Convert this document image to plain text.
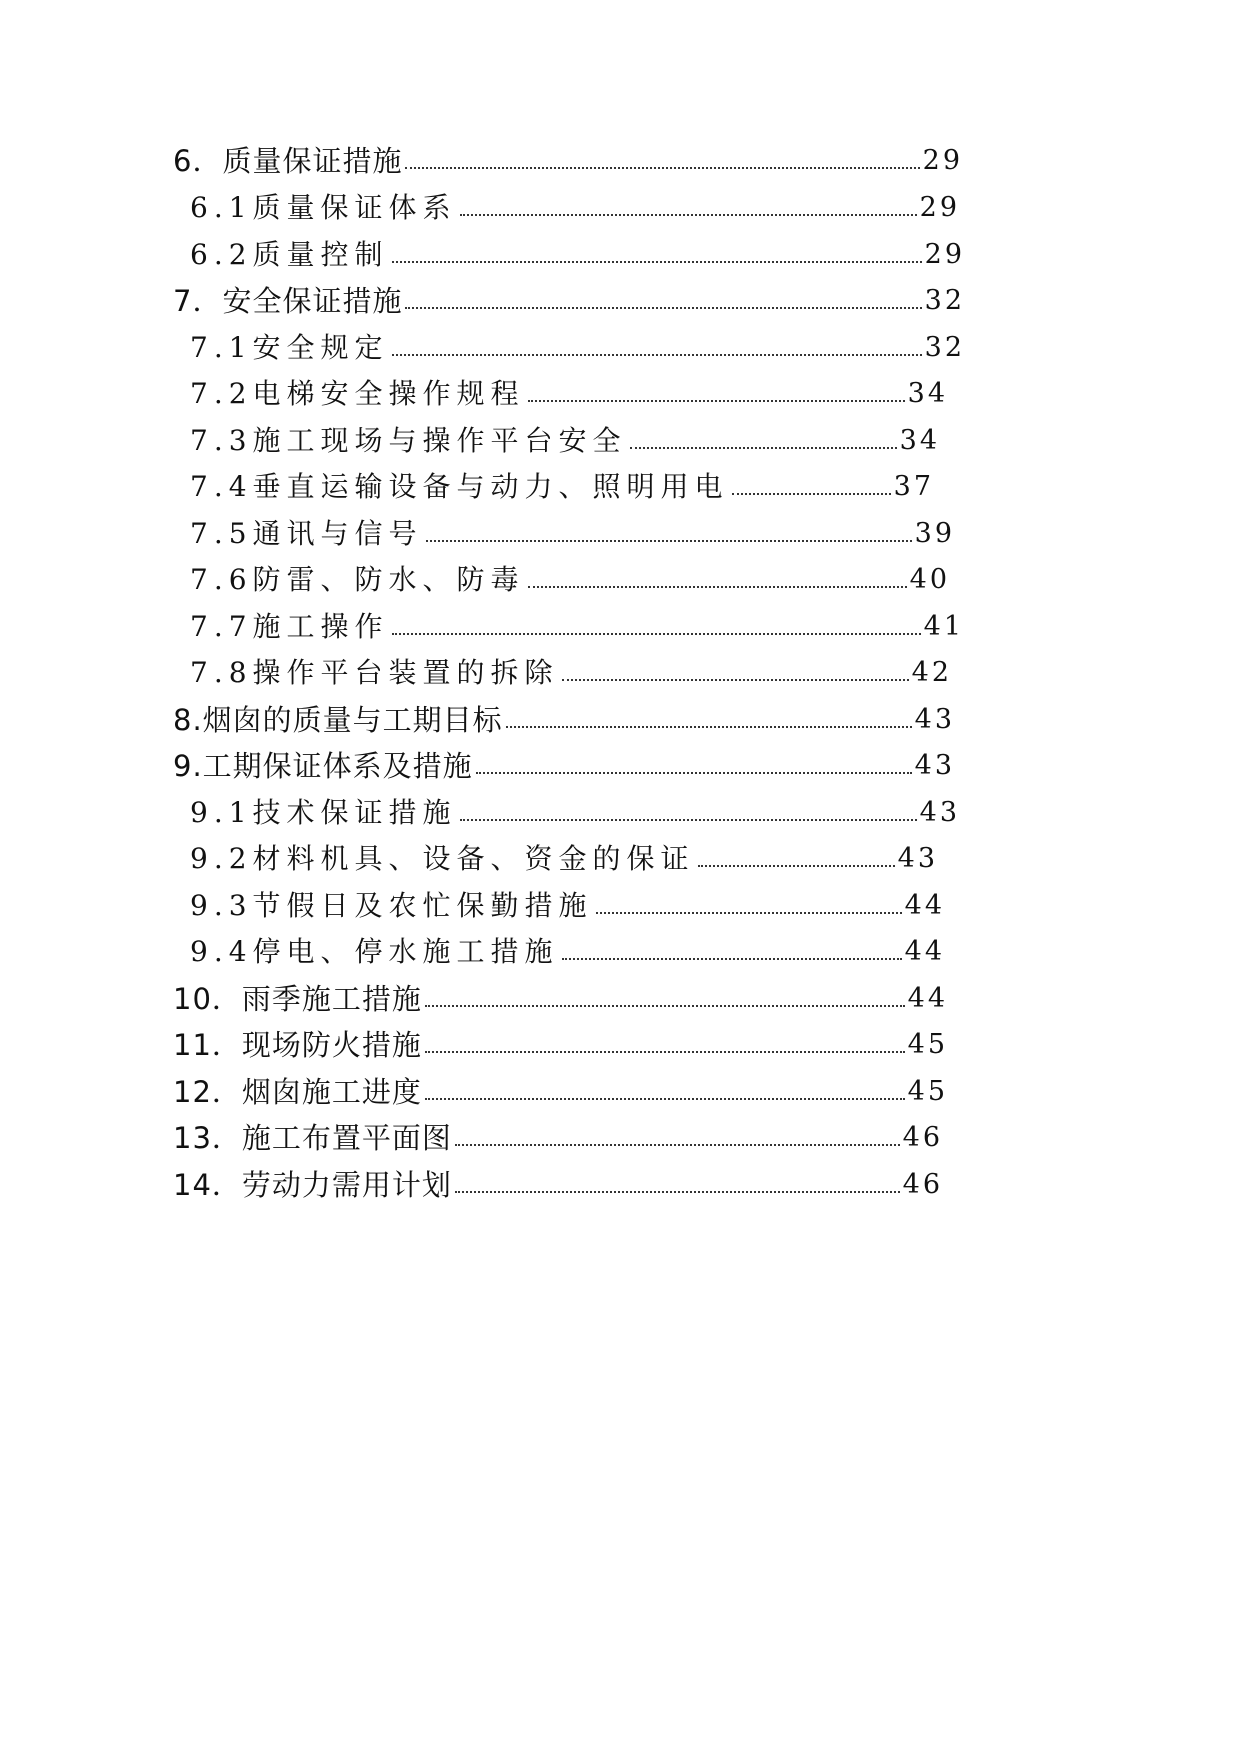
6．质量保证措施	29
6.1质量保证体系	29
6.2质量控制	29
7．安全保证措施	32
7.1安全规定	32
7.2电梯安全操作规程	34
7.3施工现场与操作平台安全	34
7.4垂直运输设备与动力、照明用电	37
7.5通讯与信号	39
7.6防雷、防水、防毒	40
7.7施工操作	41
7.8操作平台装置的拆除	42
8.烟囱的质量与工期目标	43
9.工期保证体系及措施	43
9.1技术保证措施	43
9.2材料机具、设备、资金的保证	43
9.3节假日及农忙保勤措施	44
9.4停电、停水施工措施	44
10．雨季施工措施	44
11．现场防火措施	45
12．烟囱施工进度	45
13．施工布置平面图	46
14．劳动力需用计划	46
